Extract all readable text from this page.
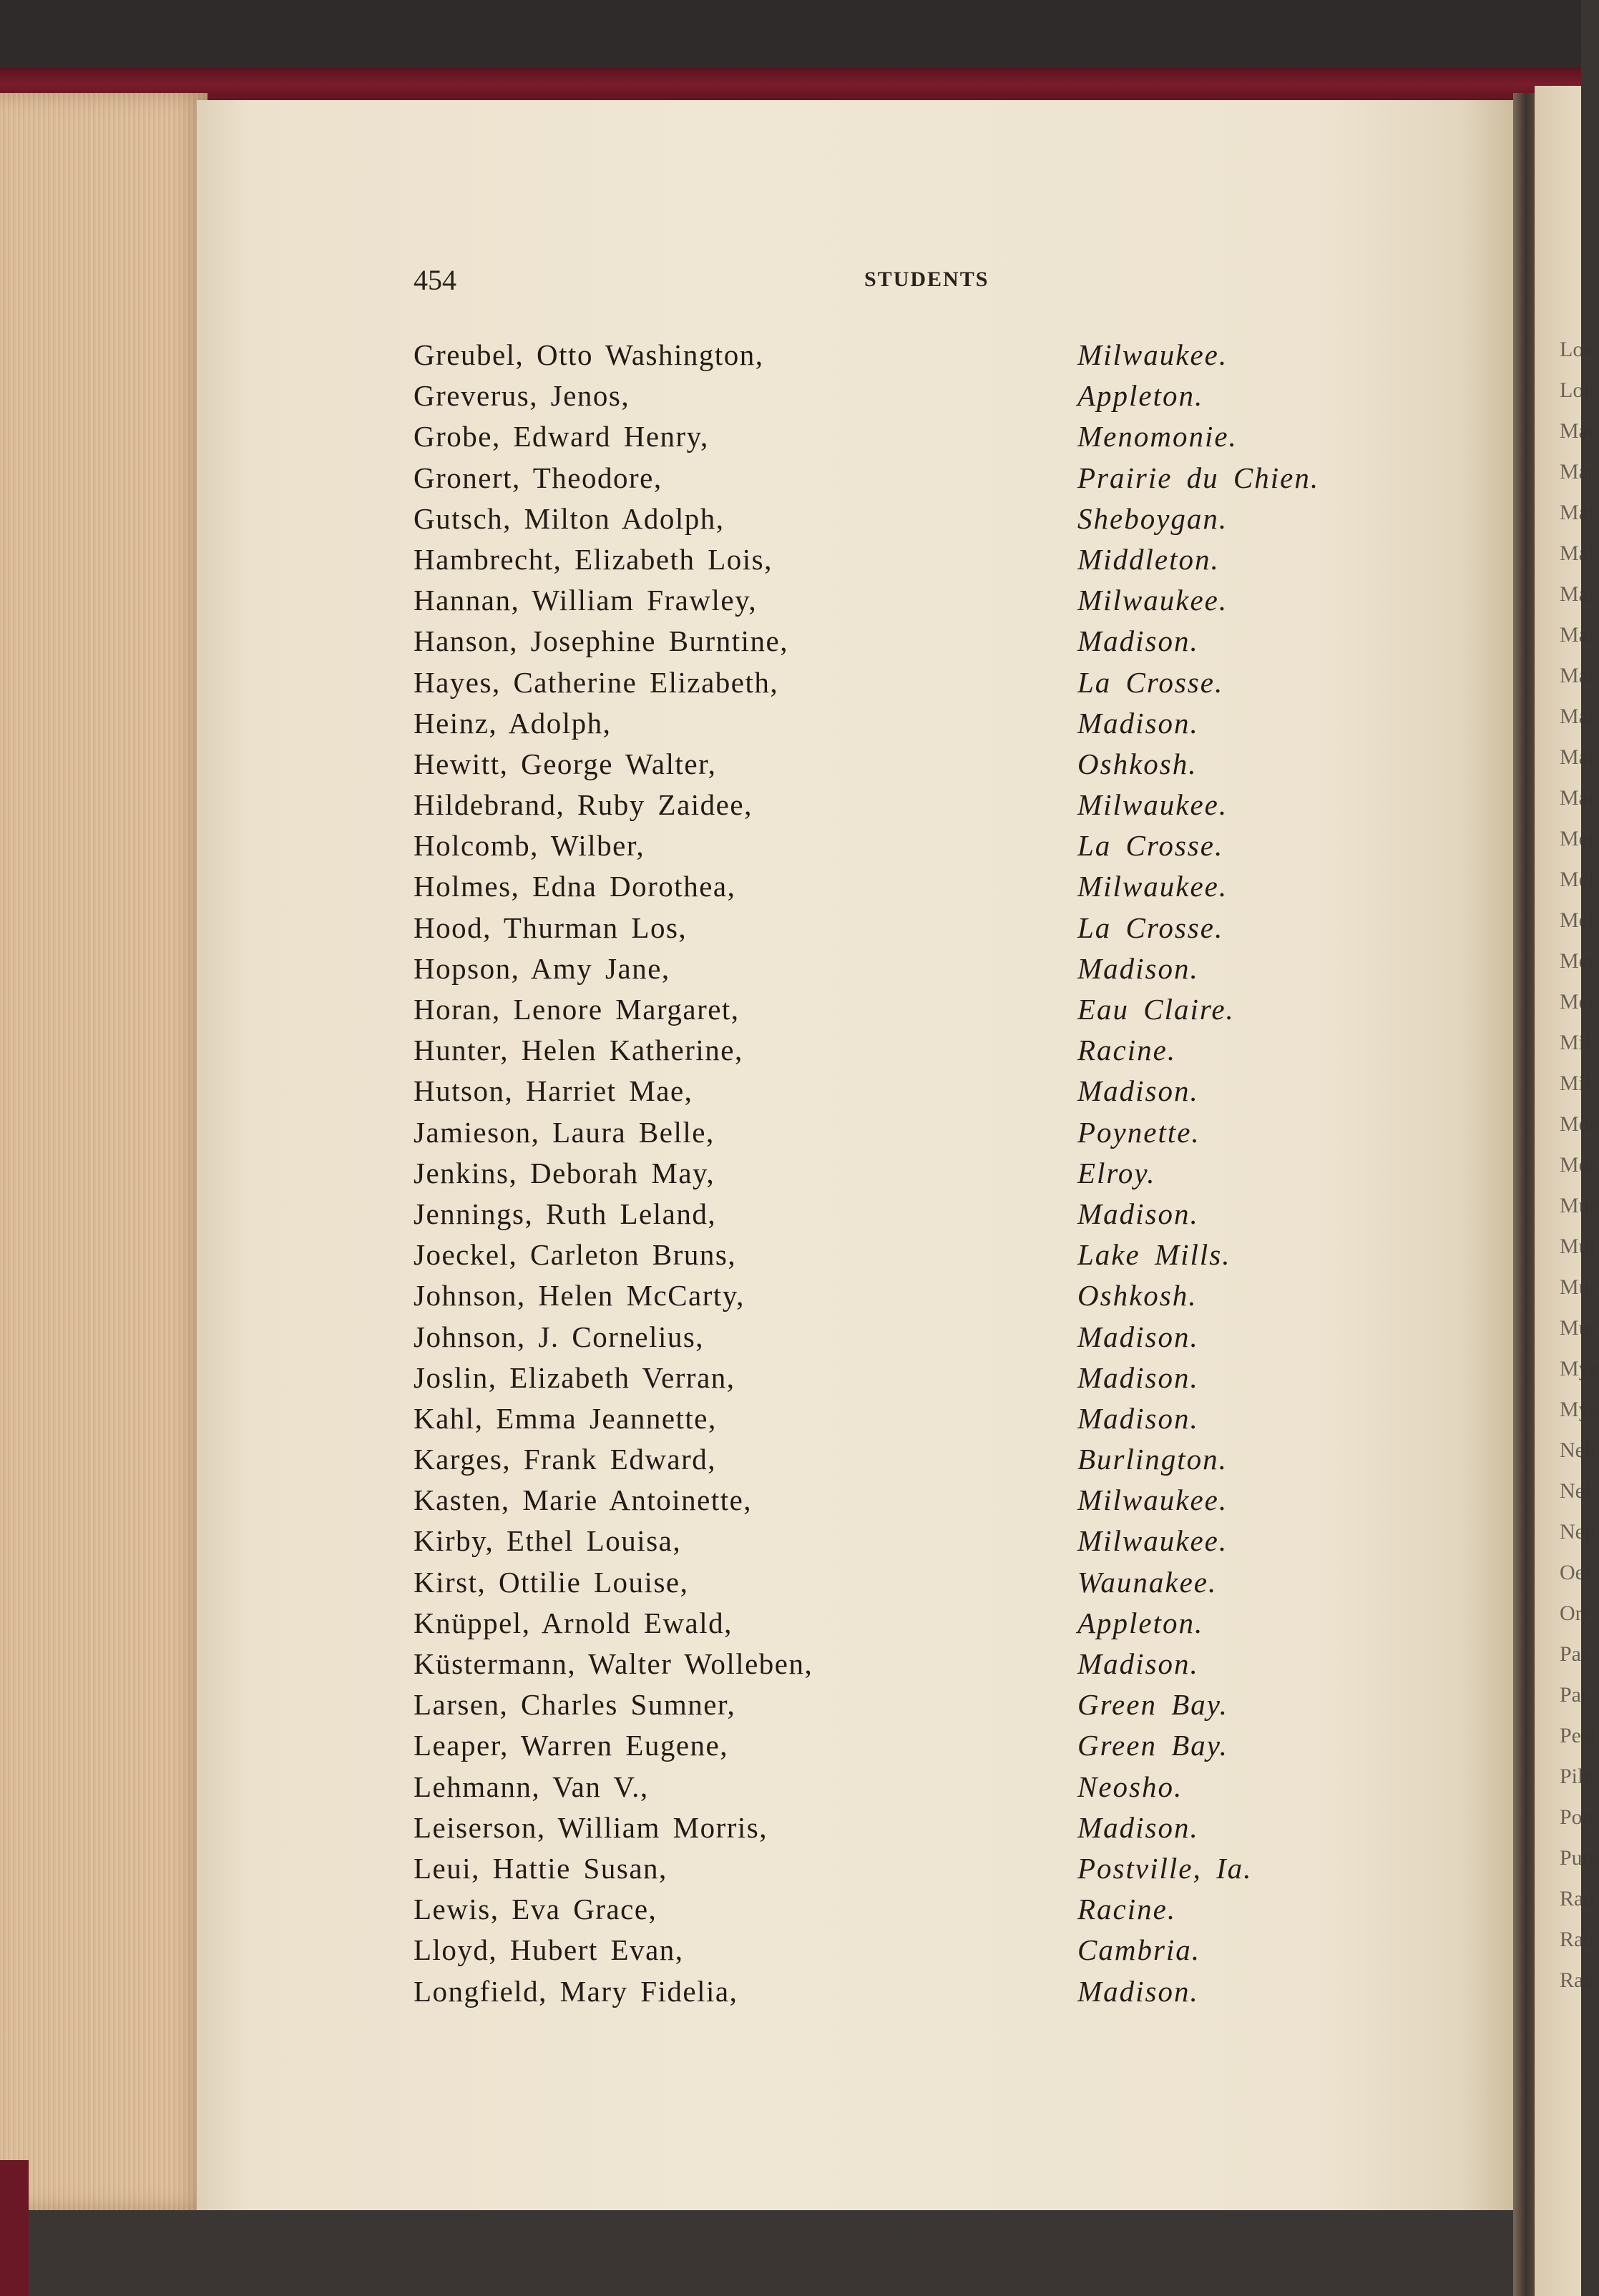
Los
Lou
Mac
Mac
Mai
Mal
Mar
Mar
Mar
Mar
Mat
Mar
Mei
Mel
Mel
Mer
Mer
Mil
Mil
Moe
Mor
Mue
Mul
Mur
Mur
Mye
Mye
Neb
Nel
Nep
Oel
Orr
Par
Par
Pesl
Pilg
Pop
Putn
Rad
Rah
Ran
454	STUDENTS
Greubel, Otto Washington,	Milwaukee.
Greverus, Jenos,	Appleton.
Grobe, Edward Henry,	Menomonie.
Gronert, Theodore,	Prairie du Chien.
Gutsch, Milton Adolph,	Sheboygan.
Hambrecht, Elizabeth Lois,	Middleton.
Hannan, William Frawley,	Milwaukee.
Hanson, Josephine Burntine,	Madison.
Hayes, Catherine Elizabeth,	La Crosse.
Heinz, Adolph,	Madison.
Hewitt, George Walter,	Oshkosh.
Hildebrand, Ruby Zaidee,	Milwaukee.
Holcomb, Wilber,	La Crosse.
Holmes, Edna Dorothea,	Milwaukee.
Hood, Thurman Los,	La Crosse.
Hopson, Amy Jane,	Madison.
Horan, Lenore Margaret,	Eau Claire.
Hunter, Helen Katherine,	Racine.
Hutson, Harriet Mae,	Madison.
Jamieson, Laura Belle,	Poynette.
Jenkins, Deborah May,	Elroy.
Jennings, Ruth Leland,	Madison.
Joeckel, Carleton Bruns,	Lake Mills.
Johnson, Helen McCarty,	Oshkosh.
Johnson, J. Cornelius,	Madison.
Joslin, Elizabeth Verran,	Madison.
Kahl, Emma Jeannette,	Madison.
Karges, Frank Edward,	Burlington.
Kasten, Marie Antoinette,	Milwaukee.
Kirby, Ethel Louisa,	Milwaukee.
Kirst, Ottilie Louise,	Waunakee.
Knüppel, Arnold Ewald,	Appleton.
Küstermann, Walter Wolleben,	Madison.
Larsen, Charles Sumner,	Green Bay.
Leaper, Warren Eugene,	Green Bay.
Lehmann, Van V.,	Neosho.
Leiserson, William Morris,	Madison.
Leui, Hattie Susan,	Postville, Ia.
Lewis, Eva Grace,	Racine.
Lloyd, Hubert Evan,	Cambria.
Longfield, Mary Fidelia,	Madison.
